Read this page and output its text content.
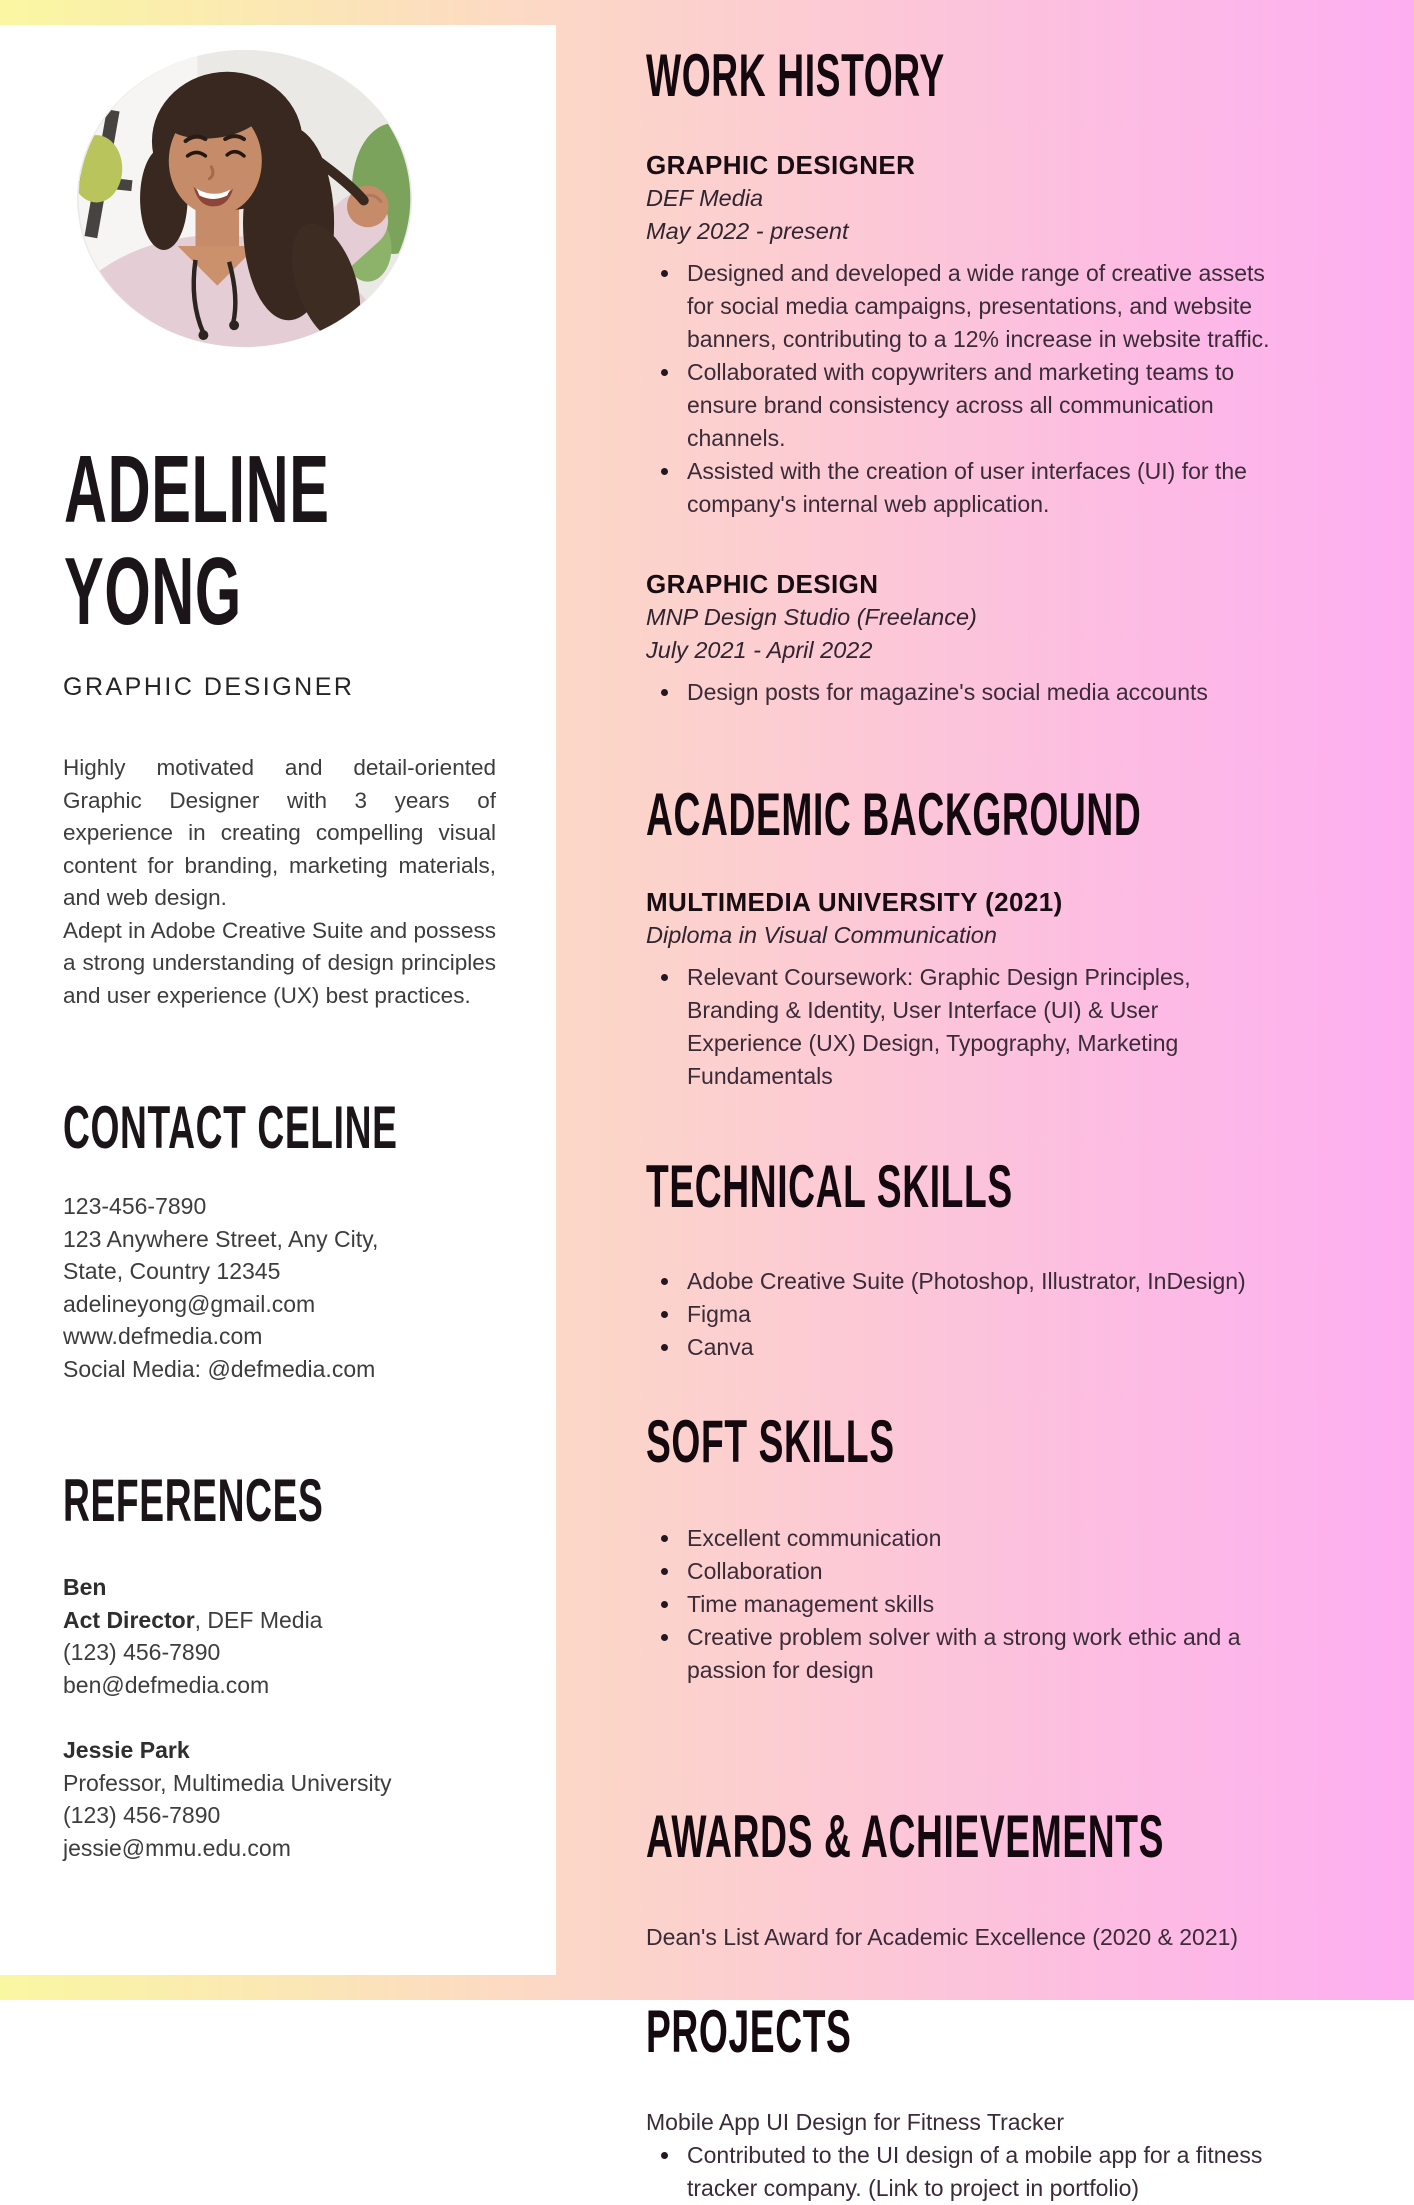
ADELINE
YONG
GRAPHIC DESIGNER

Highly motivated and detail-oriented Graphic Designer with 3 years of experience in creating compelling visual content for branding, marketing materials, and web design.

Adept in Adobe Creative Suite and possess a strong understanding of design principles and user experience (UX) best practices.

CONTACT CELINE
123-456-7890
123 Anywhere Street, Any City,
State, Country 12345
adelineyong@gmail.com
www.defmedia.com
Social Media: @defmedia.com
REFERENCES
Ben
Act Director, DEF Media
(123) 456-7890
ben@defmedia.com
Jessie Park
Professor, Multimedia University
(123) 456-7890
jessie@mmu.edu.com
WORK HISTORY
GRAPHIC DESIGNER
DEF Media
May 2022 - present
Designed and developed a wide range of creative assets for social media campaigns, presentations, and website banners, contributing to a 12% increase in website traffic.
Collaborated with copywriters and marketing teams to ensure brand consistency across all communication channels.
Assisted with the creation of user interfaces (UI) for the company's internal web application.
GRAPHIC DESIGN
MNP Design Studio (Freelance)
July 2021 - April 2022
Design posts for magazine's social media accounts
ACADEMIC BACKGROUND
MULTIMEDIA UNIVERSITY (2021)
Diploma in Visual Communication
Relevant Coursework: Graphic Design Principles, Branding & Identity, User Interface (UI) & User Experience (UX) Design, Typography, Marketing Fundamentals
TECHNICAL SKILLS
Adobe Creative Suite (Photoshop, Illustrator, InDesign)
Figma
Canva
SOFT SKILLS
Excellent communication
Collaboration
Time management skills
Creative problem solver with a strong work ethic and a passion for design
AWARDS & ACHIEVEMENTS
Dean's List Award for Academic Excellence (2020 & 2021)
PROJECTS
Mobile App UI Design for Fitness Tracker
Contributed to the UI design of a mobile app for a fitness tracker company. (Link to project in portfolio)
